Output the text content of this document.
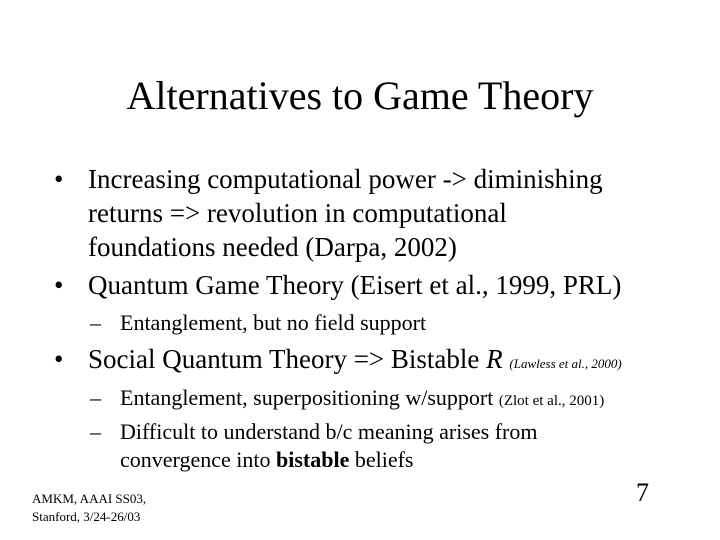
Alternatives to Game Theory
• Increasing computational power -> diminishing
returns => revolution in computational
foundations needed (Darpa, 2002)
• Quantum Game Theory (Eisert et al., 1999, PRL)
– Entanglement, but no field support
• Social Quantum Theory => Bistable R (Lawless et al., 2000)
– Entanglement, superpositioning w/support (Zlot et al., 2001)
– Difficult to understand b/c meaning arises from
convergence into bistable beliefs
AMKM, AAAI SS03,
Stanford, 3/24-26/03
7
